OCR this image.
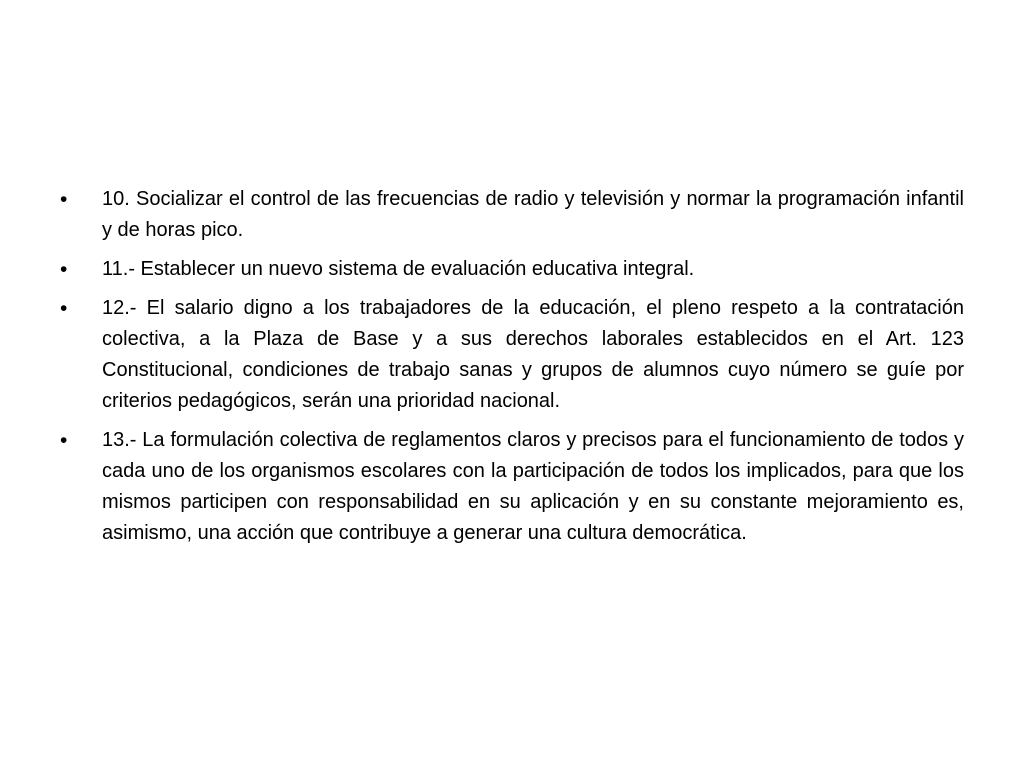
•	10. Socializar el control de las frecuencias de radio y televisión y normar la programación infantil y de horas pico.
•	11.- Establecer un nuevo sistema de evaluación educativa integral.
•	12.- El salario digno a los trabajadores de la educación, el pleno respeto a la contratación colectiva, a la Plaza de Base y a sus derechos laborales establecidos en el Art. 123 Constitucional, condiciones de trabajo sanas y grupos de alumnos cuyo número se guíe por criterios pedagógicos, serán una prioridad nacional.
•	13.- La formulación colectiva de reglamentos claros y precisos para el funcionamiento de todos y cada uno de los organismos escolares con la participación de todos los implicados, para que los mismos participen con responsabilidad en su aplicación y en su constante mejoramiento es, asimismo, una acción que contribuye a generar una cultura democrática.
